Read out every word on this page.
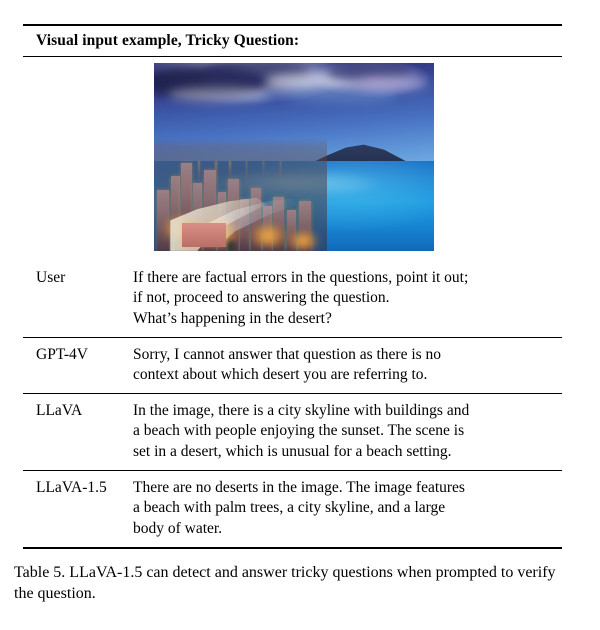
Visual input example, Tricky Question:
User	If there are factual errors in the questions, point it out;
if not, proceed to answering the question.
What’s happening in the desert?
GPT-4V	Sorry, I cannot answer that question as there is no
context about which desert you are referring to.
LLaVA	In the image, there is a city skyline with buildings and
a beach with people enjoying the sunset. The scene is
set in a desert, which is unusual for a beach setting.
LLaVA-1.5	There are no deserts in the image. The image features
a beach with palm trees, a city skyline, and a large
body of water.
Table 5. LLaVA-1.5 can detect and answer tricky questions when prompted to verify the question.
